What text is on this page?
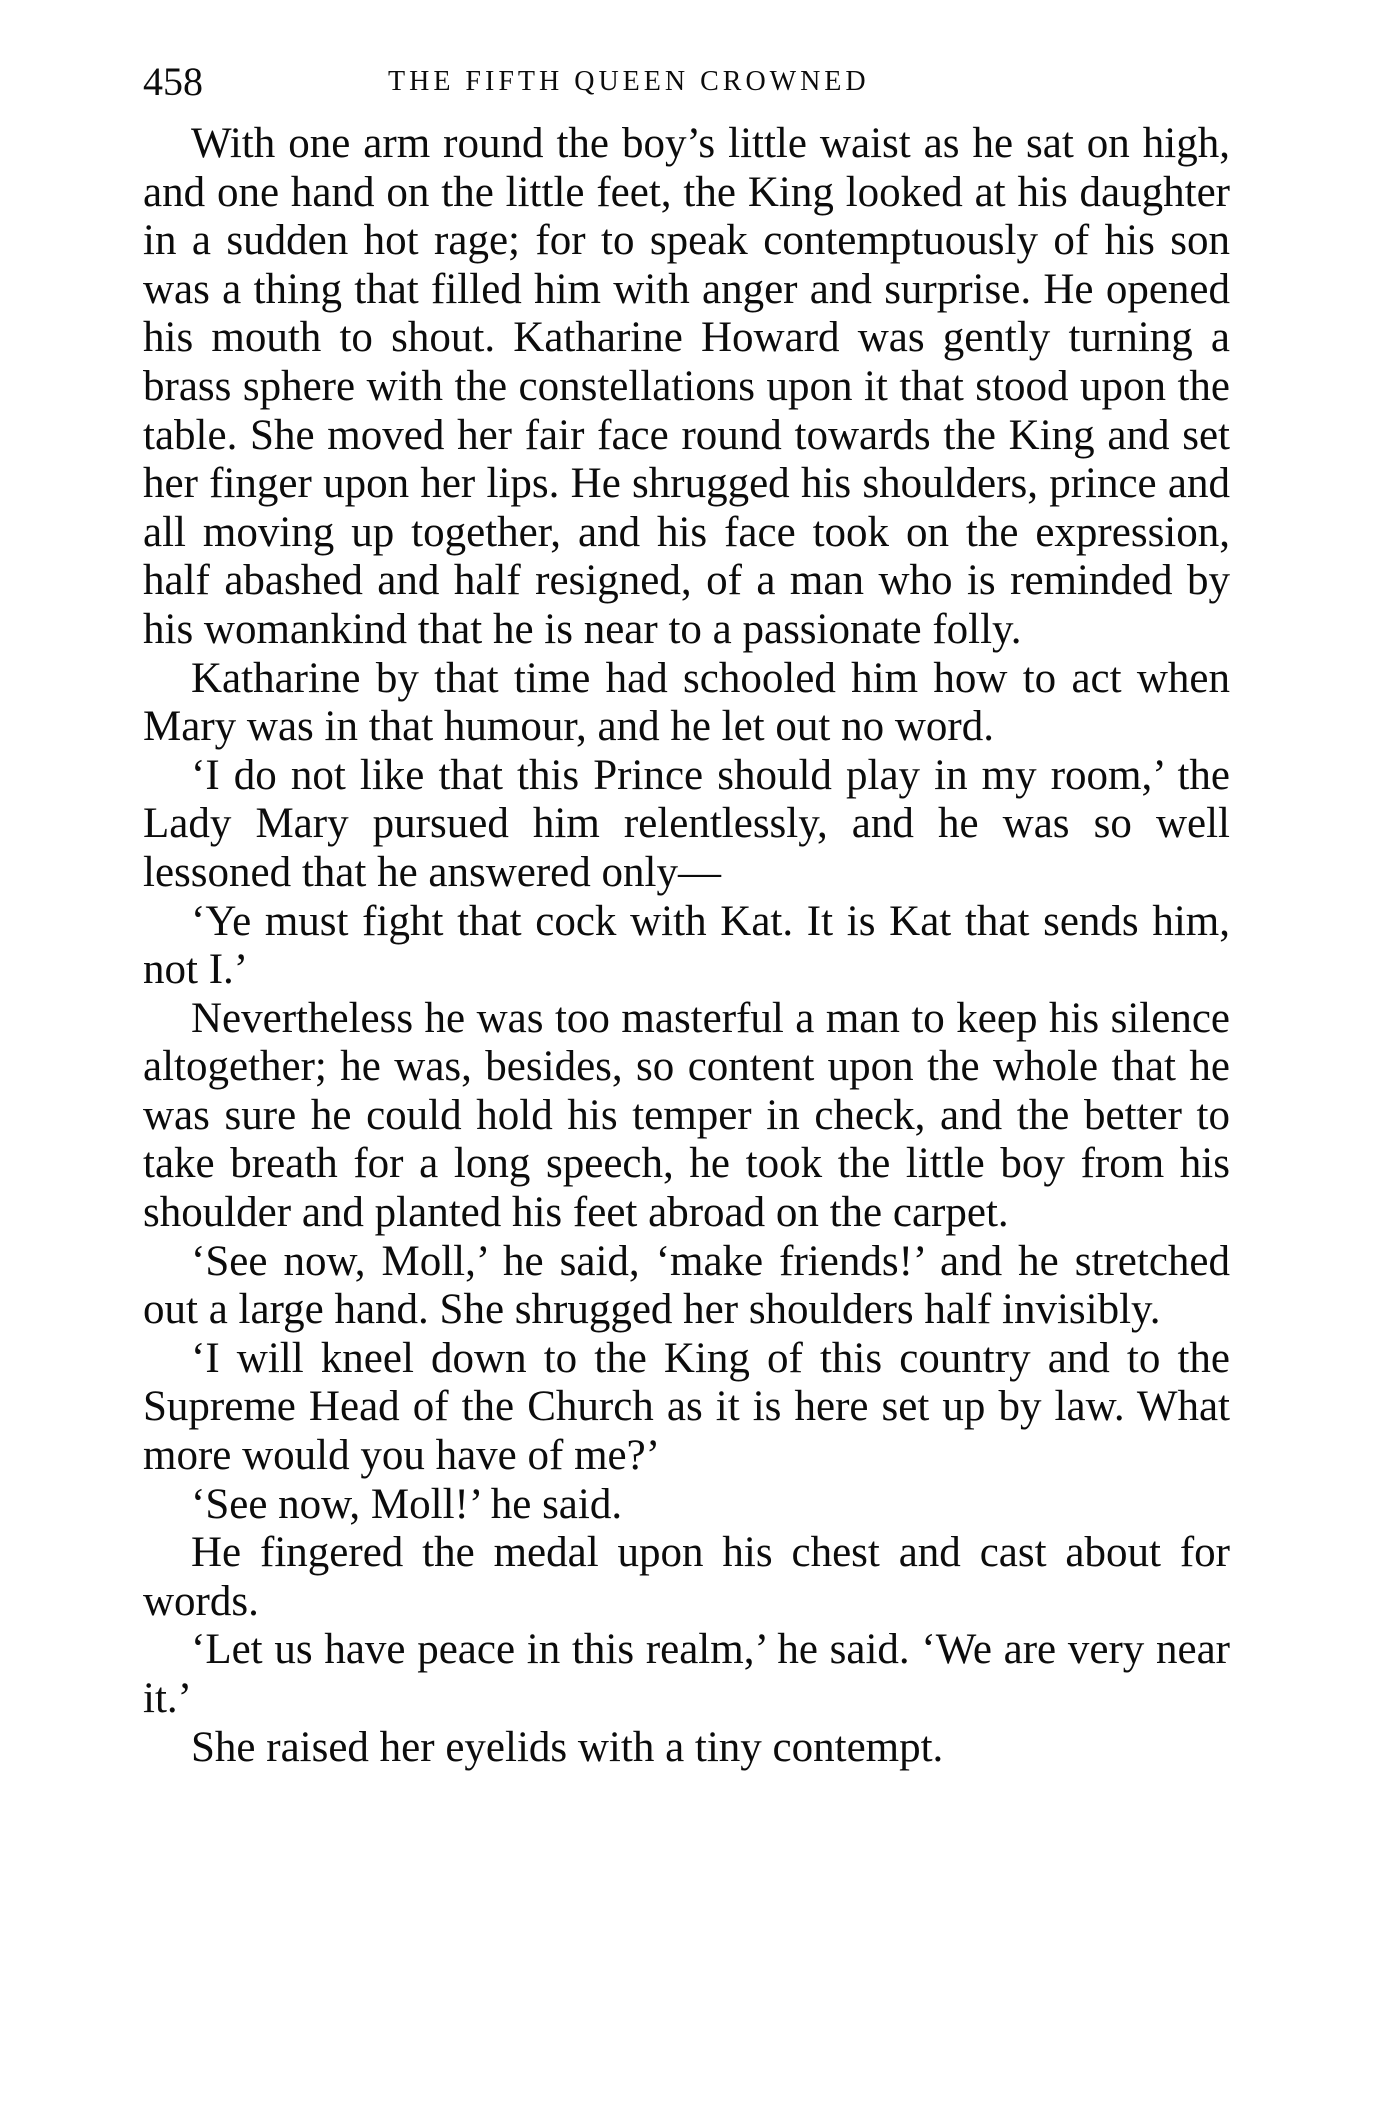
458	THE FIFTH QUEEN CROWNED

With one arm round the boy’s little waist as he sat on high, and one hand on the little feet, the King looked at his daughter in a sudden hot rage; for to speak contemptuously of his son was a thing that filled him with anger and surprise. He opened his mouth to shout. Katharine Howard was gently turning a brass sphere with the constellations upon it that stood upon the table. She moved her fair face round towards the King and set her finger upon her lips. He shrugged his shoulders, prince and all moving up together, and his face took on the expression, half abashed and half resigned, of a man who is reminded by his womankind that he is near to a passionate folly.

Katharine by that time had schooled him how to act when Mary was in that humour, and he let out no word.

‘I do not like that this Prince should play in my room,’ the Lady Mary pursued him relentlessly, and he was so well lessoned that he answered only—

‘Ye must fight that cock with Kat. It is Kat that sends him, not I.’

Nevertheless he was too masterful a man to keep his silence altogether; he was, besides, so content upon the whole that he was sure he could hold his temper in check, and the better to take breath for a long speech, he took the little boy from his shoulder and planted his feet abroad on the carpet.

‘See now, Moll,’ he said, ‘make friends!’ and he stretched out a large hand. She shrugged her shoulders half invisibly.

‘I will kneel down to the King of this country and to the Supreme Head of the Church as it is here set up by law. What more would you have of me?’

‘See now, Moll!’ he said.

He fingered the medal upon his chest and cast about for words.

‘Let us have peace in this realm,’ he said. ‘We are very near it.’

She raised her eyelids with a tiny contempt.
